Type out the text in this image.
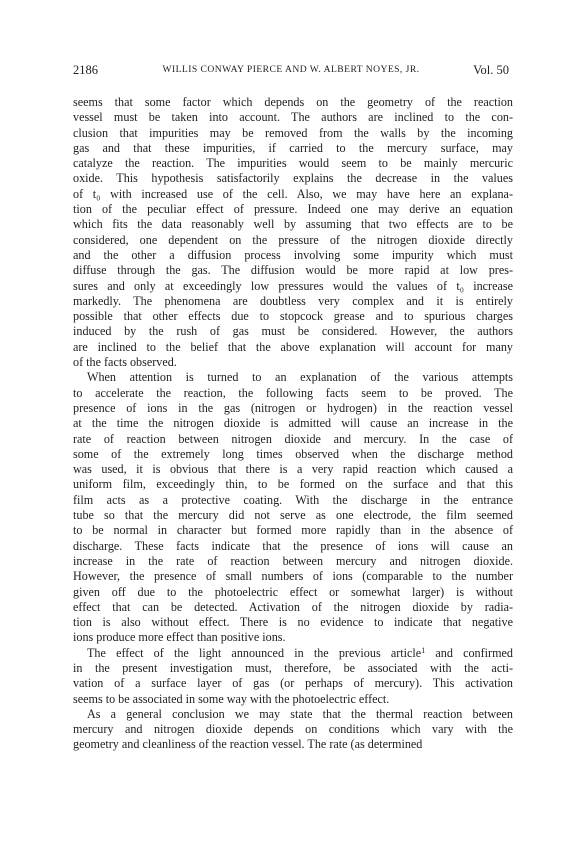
2186	WILLIS CONWAY PIERCE AND W. ALBERT NOYES, JR.	Vol. 50
seems that some factor which depends on the geometry of the reaction
vessel must be taken into account. The authors are inclined to the con-
clusion that impurities may be removed from the walls by the incoming
gas and that these impurities, if carried to the mercury surface, may
catalyze the reaction. The impurities would seem to be mainly mercuric
oxide. This hypothesis satisfactorily explains the decrease in the values
of t₀ with increased use of the cell. Also, we may have here an explana-
tion of the peculiar effect of pressure. Indeed one may derive an equation
which fits the data reasonably well by assuming that two effects are to be
considered, one dependent on the pressure of the nitrogen dioxide directly
and the other a diffusion process involving some impurity which must
diffuse through the gas. The diffusion would be more rapid at low pres-
sures and only at exceedingly low pressures would the values of t₀ increase
markedly. The phenomena are doubtless very complex and it is entirely
possible that other effects due to stopcock grease and to spurious charges
induced by the rush of gas must be considered. However, the authors
are inclined to the belief that the above explanation will account for many
of the facts observed.
When attention is turned to an explanation of the various attempts
to accelerate the reaction, the following facts seem to be proved. The
presence of ions in the gas (nitrogen or hydrogen) in the reaction vessel
at the time the nitrogen dioxide is admitted will cause an increase in the
rate of reaction between nitrogen dioxide and mercury. In the case of
some of the extremely long times observed when the discharge method
was used, it is obvious that there is a very rapid reaction which caused a
uniform film, exceedingly thin, to be formed on the surface and that this
film acts as a protective coating. With the discharge in the entrance
tube so that the mercury did not serve as one electrode, the film seemed
to be normal in character but formed more rapidly than in the absence of
discharge. These facts indicate that the presence of ions will cause an
increase in the rate of reaction between mercury and nitrogen dioxide.
However, the presence of small numbers of ions (comparable to the number
given off due to the photoelectric effect or somewhat larger) is without
effect that can be detected. Activation of the nitrogen dioxide by radia-
tion is also without effect. There is no evidence to indicate that negative
ions produce more effect than positive ions.
The effect of the light announced in the previous article$^1$ and confirmed
in the present investigation must, therefore, be associated with the acti-
vation of a surface layer of gas (or perhaps of mercury). This activation
seems to be associated in some way with the photoelectric effect.
As a general conclusion we may state that the thermal reaction between
mercury and nitrogen dioxide depends on conditions which vary with the
geometry and cleanliness of the reaction vessel. The rate (as determined
